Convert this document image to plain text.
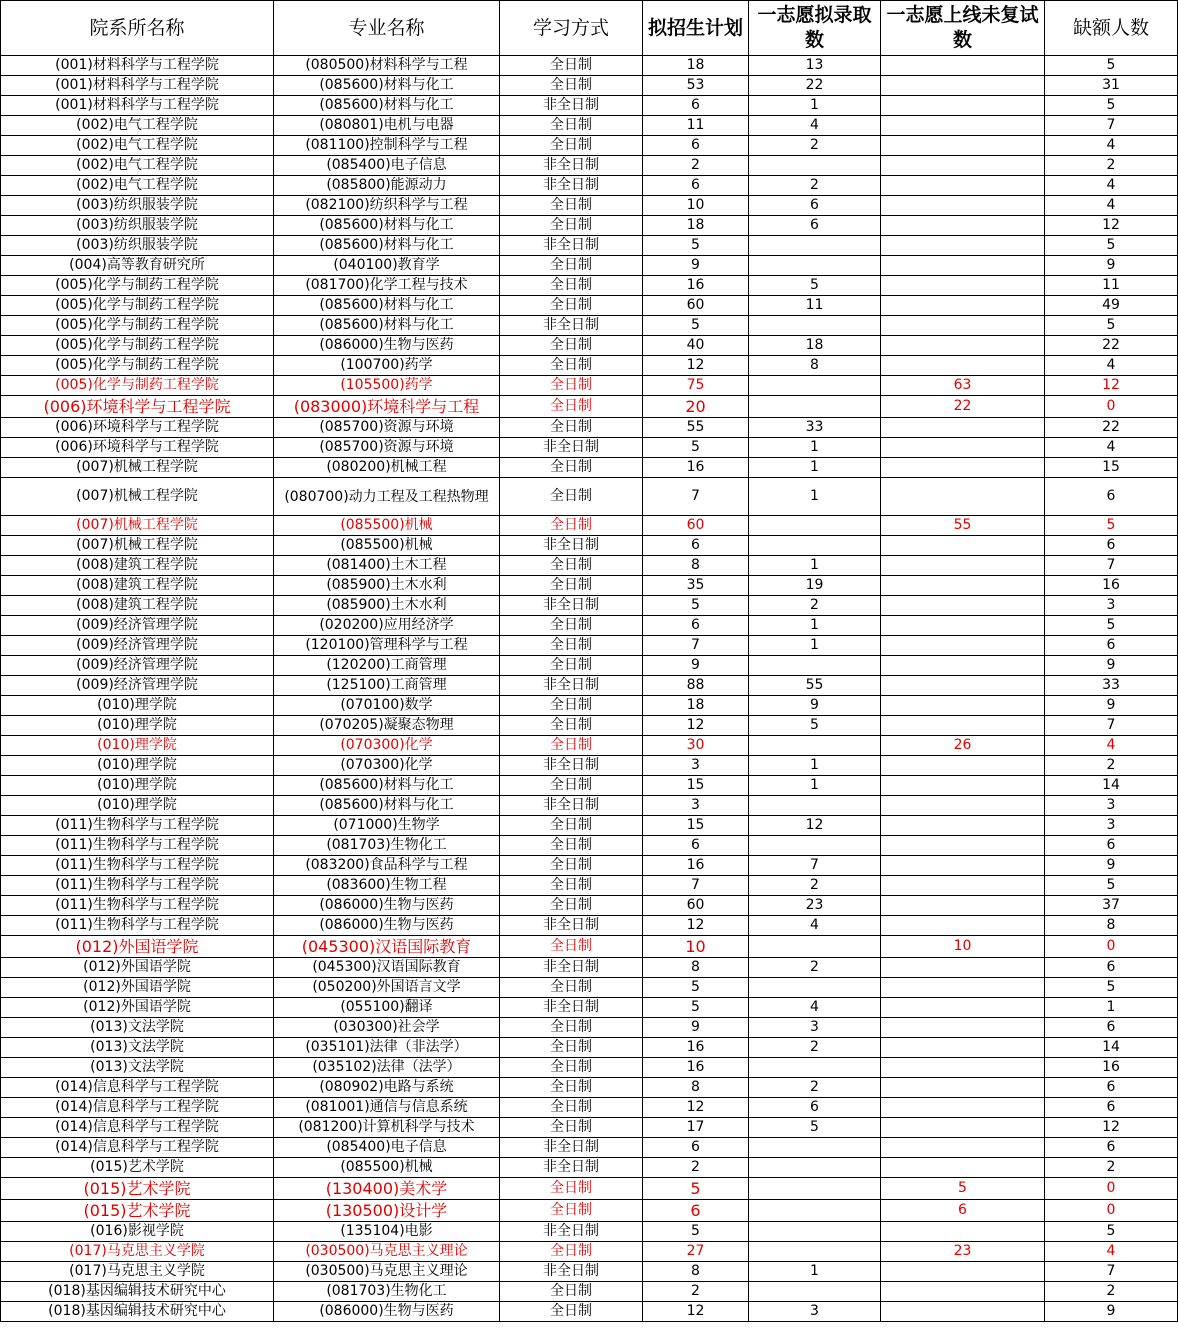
院系所名称	专业名称	学习方式	拟招生计划	一志愿拟录取数	一志愿上线未复试数	缺额人数
(001)材料科学与工程学院	(080500)材料科学与工程	全日制	18	13		5
(001)材料科学与工程学院	(085600)材料与化工	全日制	53	22		31
(001)材料科学与工程学院	(085600)材料与化工	非全日制	6	1		5
(002)电气工程学院	(080801)电机与电器	全日制	11	4		7
(002)电气工程学院	(081100)控制科学与工程	全日制	6	2		4
(002)电气工程学院	(085400)电子信息	非全日制	2			2
(002)电气工程学院	(085800)能源动力	非全日制	6	2		4
(003)纺织服装学院	(082100)纺织科学与工程	全日制	10	6		4
(003)纺织服装学院	(085600)材料与化工	全日制	18	6		12
(003)纺织服装学院	(085600)材料与化工	非全日制	5			5
(004)高等教育研究所	(040100)教育学	全日制	9			9
(005)化学与制药工程学院	(081700)化学工程与技术	全日制	16	5		11
(005)化学与制药工程学院	(085600)材料与化工	全日制	60	11		49
(005)化学与制药工程学院	(085600)材料与化工	非全日制	5			5
(005)化学与制药工程学院	(086000)生物与医药	全日制	40	18		22
(005)化学与制药工程学院	(100700)药学	全日制	12	8		4
(005)化学与制药工程学院	(105500)药学	全日制	75		63	12
(006)环境科学与工程学院	(083000)环境科学与工程	全日制	20		22	0
(006)环境科学与工程学院	(085700)资源与环境	全日制	55	33		22
(006)环境科学与工程学院	(085700)资源与环境	非全日制	5	1		4
(007)机械工程学院	(080200)机械工程	全日制	16	1		15
(007)机械工程学院	(080700)动力工程及工程热物理	全日制	7	1		6
(007)机械工程学院	(085500)机械	全日制	60		55	5
(007)机械工程学院	(085500)机械	非全日制	6			6
(008)建筑工程学院	(081400)土木工程	全日制	8	1		7
(008)建筑工程学院	(085900)土木水利	全日制	35	19		16
(008)建筑工程学院	(085900)土木水利	非全日制	5	2		3
(009)经济管理学院	(020200)应用经济学	全日制	6	1		5
(009)经济管理学院	(120100)管理科学与工程	全日制	7	1		6
(009)经济管理学院	(120200)工商管理	全日制	9			9
(009)经济管理学院	(125100)工商管理	非全日制	88	55		33
(010)理学院	(070100)数学	全日制	18	9		9
(010)理学院	(070205)凝聚态物理	全日制	12	5		7
(010)理学院	(070300)化学	全日制	30		26	4
(010)理学院	(070300)化学	非全日制	3	1		2
(010)理学院	(085600)材料与化工	全日制	15	1		14
(010)理学院	(085600)材料与化工	非全日制	3			3
(011)生物科学与工程学院	(071000)生物学	全日制	15	12		3
(011)生物科学与工程学院	(081703)生物化工	全日制	6			6
(011)生物科学与工程学院	(083200)食品科学与工程	全日制	16	7		9
(011)生物科学与工程学院	(083600)生物工程	全日制	7	2		5
(011)生物科学与工程学院	(086000)生物与医药	全日制	60	23		37
(011)生物科学与工程学院	(086000)生物与医药	非全日制	12	4		8
(012)外国语学院	(045300)汉语国际教育	全日制	10		10	0
(012)外国语学院	(045300)汉语国际教育	非全日制	8	2		6
(012)外国语学院	(050200)外国语言文学	全日制	5			5
(012)外国语学院	(055100)翻译	非全日制	5	4		1
(013)文法学院	(030300)社会学	全日制	9	3		6
(013)文法学院	(035101)法律（非法学）	全日制	16	2		14
(013)文法学院	(035102)法律（法学）	全日制	16			16
(014)信息科学与工程学院	(080902)电路与系统	全日制	8	2		6
(014)信息科学与工程学院	(081001)通信与信息系统	全日制	12	6		6
(014)信息科学与工程学院	(081200)计算机科学与技术	全日制	17	5		12
(014)信息科学与工程学院	(085400)电子信息	非全日制	6			6
(015)艺术学院	(085500)机械	非全日制	2			2
(015)艺术学院	(130400)美术学	全日制	5		5	0
(015)艺术学院	(130500)设计学	全日制	6		6	0
(016)影视学院	(135104)电影	非全日制	5			5
(017)马克思主义学院	(030500)马克思主义理论	全日制	27		23	4
(017)马克思主义学院	(030500)马克思主义理论	非全日制	8	1		7
(018)基因编辑技术研究中心	(081703)生物化工	全日制	2			2
(018)基因编辑技术研究中心	(086000)生物与医药	全日制	12	3		9
